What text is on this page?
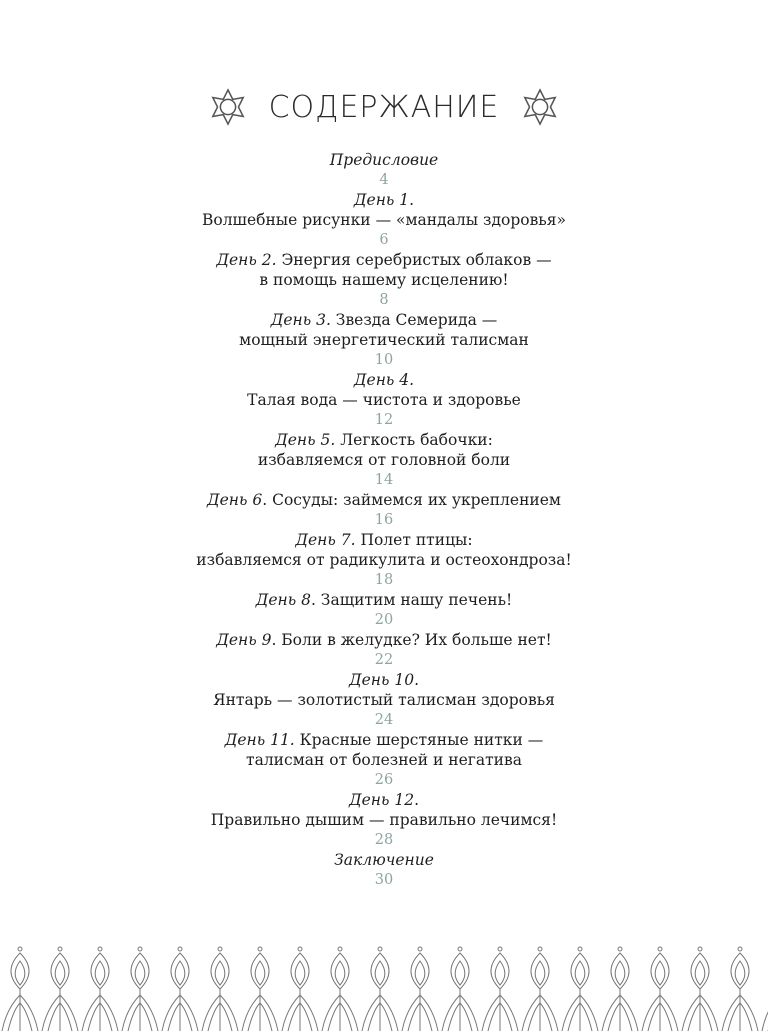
СОДЕРЖАНИЕ
Предисловие
4
День 1.
Волшебные рисунки — «мандалы здоровья»
6
День 2. Энергия серебристых облаков —
в помощь нашему исцелению!
8
День 3. Звезда Семерида —
мощный энергетический талисман
10
День 4.
Талая вода — чистота и здоровье
12
День 5. Легкость бабочки:
избавляемся от головной боли
14
День 6. Сосуды: займемся их укреплением
16
День 7. Полет птицы:
избавляемся от радикулита и остеохондроза!
18
День 8. Защитим нашу печень!
20
День 9. Боли в желудке? Их больше нет!
22
День 10.
Янтарь — золотистый талисман здоровья
24
День 11. Красные шерстяные нитки —
талисман от болезней и негатива
26
День 12.
Правильно дышим — правильно лечимся!
28
Заключение
30
